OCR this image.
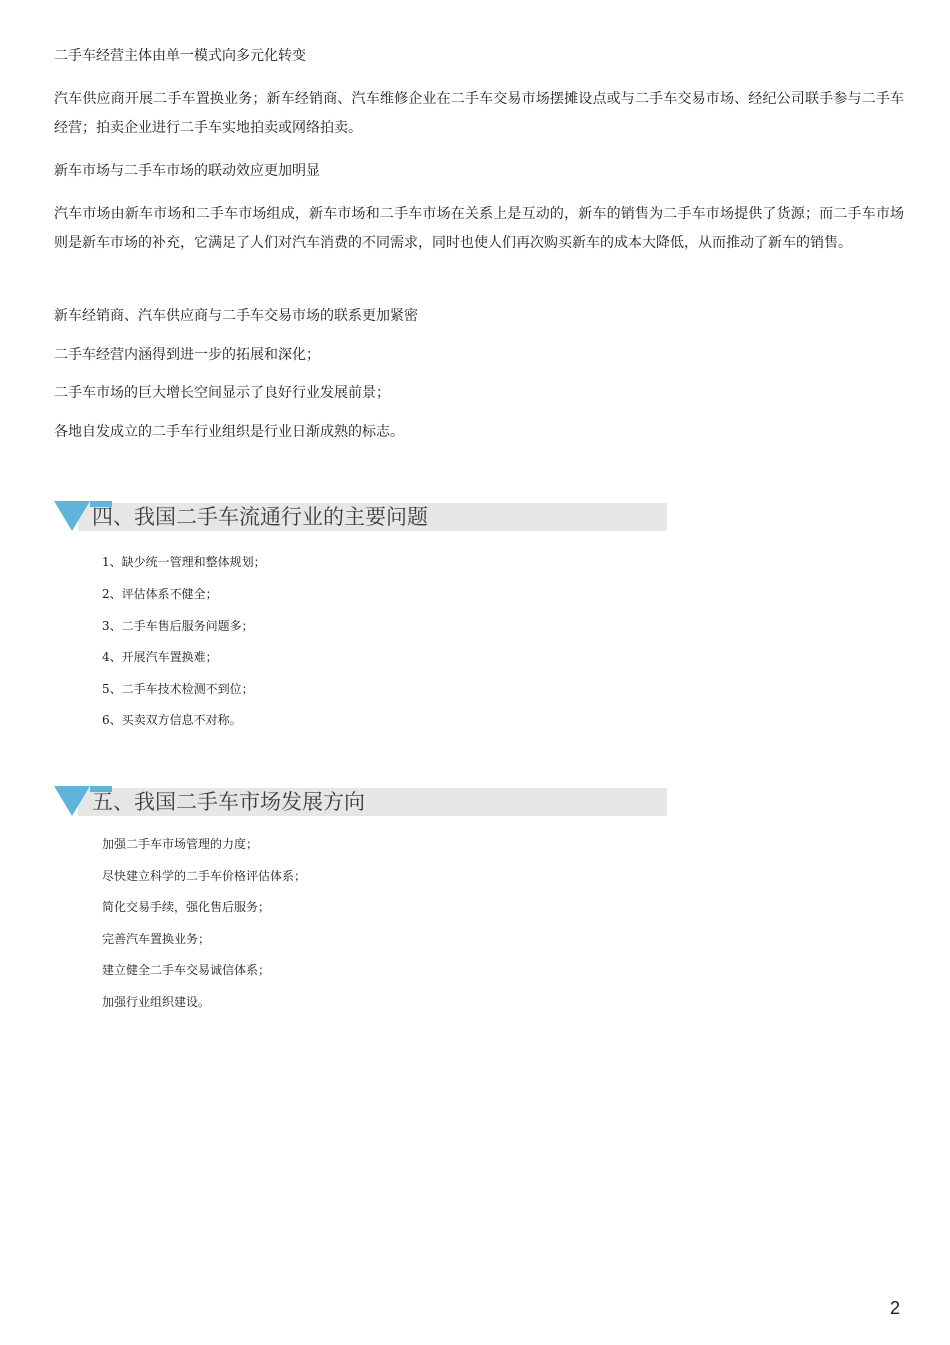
二手车经营主体由单一模式向多元化转变

汽车供应商开展二手车置换业务；新车经销商、汽车维修企业在二手车交易市场摆摊设点或与二手车交易市场、经纪公司联手参与二手车经营；拍卖企业进行二手车实地拍卖或网络拍卖。

新车市场与二手车市场的联动效应更加明显

汽车市场由新车市场和二手车市场组成，新车市场和二手车市场在关系上是互动的，新车的销售为二手车市场提供了货源；而二手车市场则是新车市场的补充，它满足了人们对汽车消费的不同需求，同时也使人们再次购买新车的成本大降低，从而推动了新车的销售。

新车经销商、汽车供应商与二手车交易市场的联系更加紧密

二手车经营内涵得到进一步的拓展和深化；

二手车市场的巨大增长空间显示了良好行业发展前景；

各地自发成立的二手车行业组织是行业日渐成熟的标志。

四、我国二手车流通行业的主要问题
1、缺少统一管理和整体规划；
2、评估体系不健全；
3、二手车售后服务问题多；
4、开展汽车置换难；
5、二手车技术检测不到位；
6、买卖双方信息不对称。
五、我国二手车市场发展方向
加强二手车市场管理的力度；
尽快建立科学的二手车价格评估体系；
简化交易手续，强化售后服务；
完善汽车置换业务；
建立健全二手车交易诚信体系；
加强行业组织建设。
2
